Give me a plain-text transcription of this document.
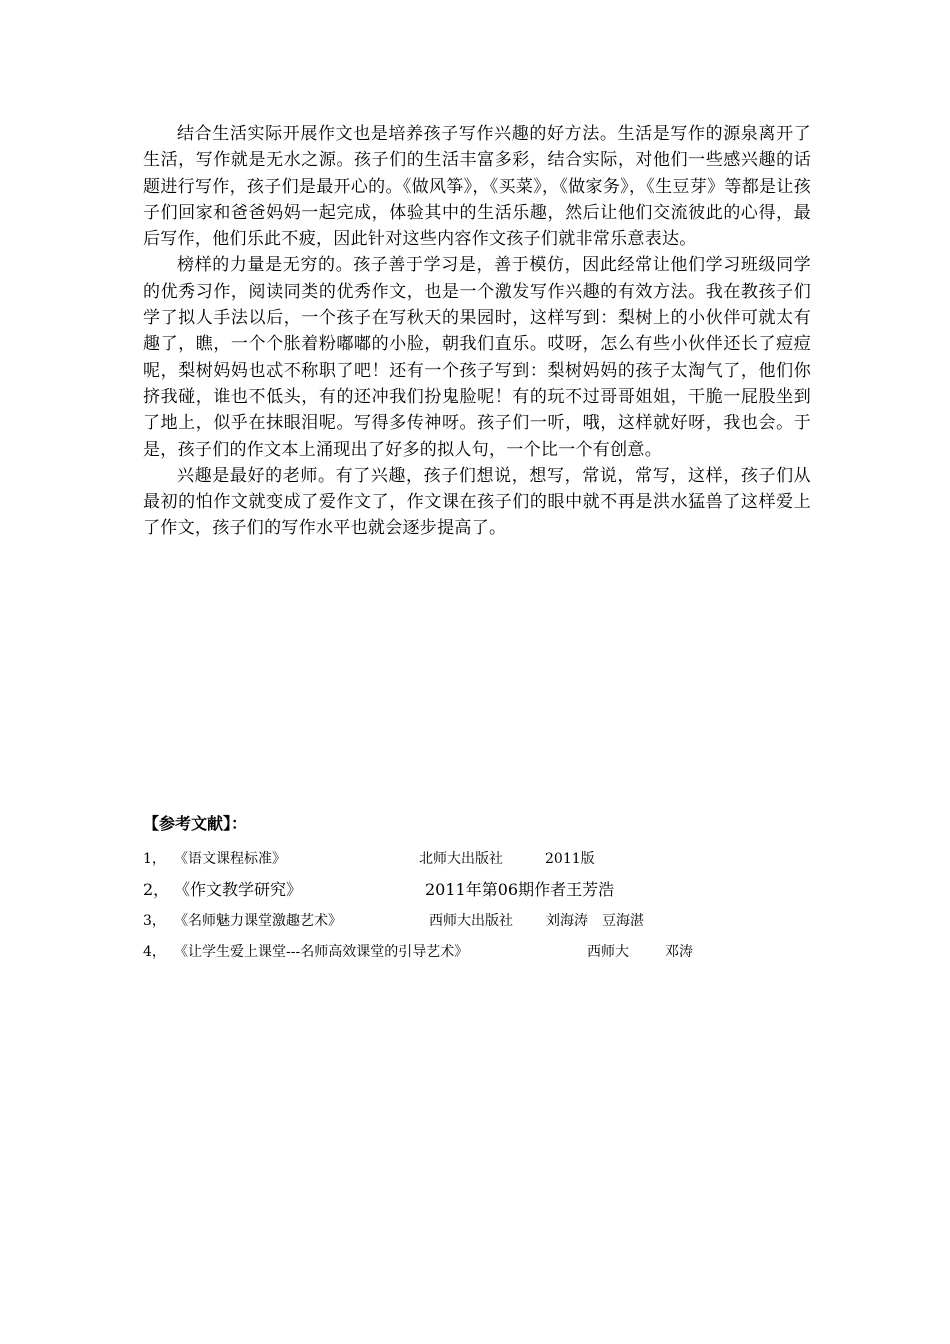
结合生活实际开展作文也是培养孩子写作兴趣的好方法。生活是写作的源泉离开了生活，写作就是无水之源。孩子们的生活丰富多彩，结合实际，对他们一些感兴趣的话题进行写作，孩子们是最开心的。《做风筝》，《买菜》，《做家务》，《生豆芽》等都是让孩子们回家和爸爸妈妈一起完成，体验其中的生活乐趣，然后让他们交流彼此的心得，最后写作，他们乐此不疲，因此针对这些内容作文孩子们就非常乐意表达。

榜样的力量是无穷的。孩子善于学习是，善于模仿，因此经常让他们学习班级同学的优秀习作，阅读同类的优秀作文，也是一个激发写作兴趣的有效方法。我在教孩子们学了拟人手法以后，一个孩子在写秋天的果园时，这样写到：梨树上的小伙伴可就太有趣了，瞧，一个个胀着粉嘟嘟的小脸，朝我们直乐。哎呀，怎么有些小伙伴还长了痘痘呢，梨树妈妈也忒不称职了吧！还有一个孩子写到：梨树妈妈的孩子太淘气了，他们你挤我碰，谁也不低头，有的还冲我们扮鬼脸呢！有的玩不过哥哥姐姐，干脆一屁股坐到了地上，似乎在抹眼泪呢。写得多传神呀。孩子们一听，哦，这样就好呀，我也会。于是，孩子们的作文本上涌现出了好多的拟人句，一个比一个有创意。

兴趣是最好的老师。有了兴趣，孩子们想说，想写，常说，常写，这样，孩子们从最初的怕作文就变成了爱作文了，作文课在孩子们的眼中就不再是洪水猛兽了这样爱上了作文，孩子们的写作水平也就会逐步提高了。

【参考文献】：
1， 《语文课程标准》	北师大出版社	2011版
2， 《作文教学研究》	2011年第06期作者王芳浩
3， 《名师魅力课堂激趣艺术》	西师大出版社 刘海涛　豆海湛
4， 《让学生爱上课堂---名师高效课堂的引导艺术》	西师大	邓涛
